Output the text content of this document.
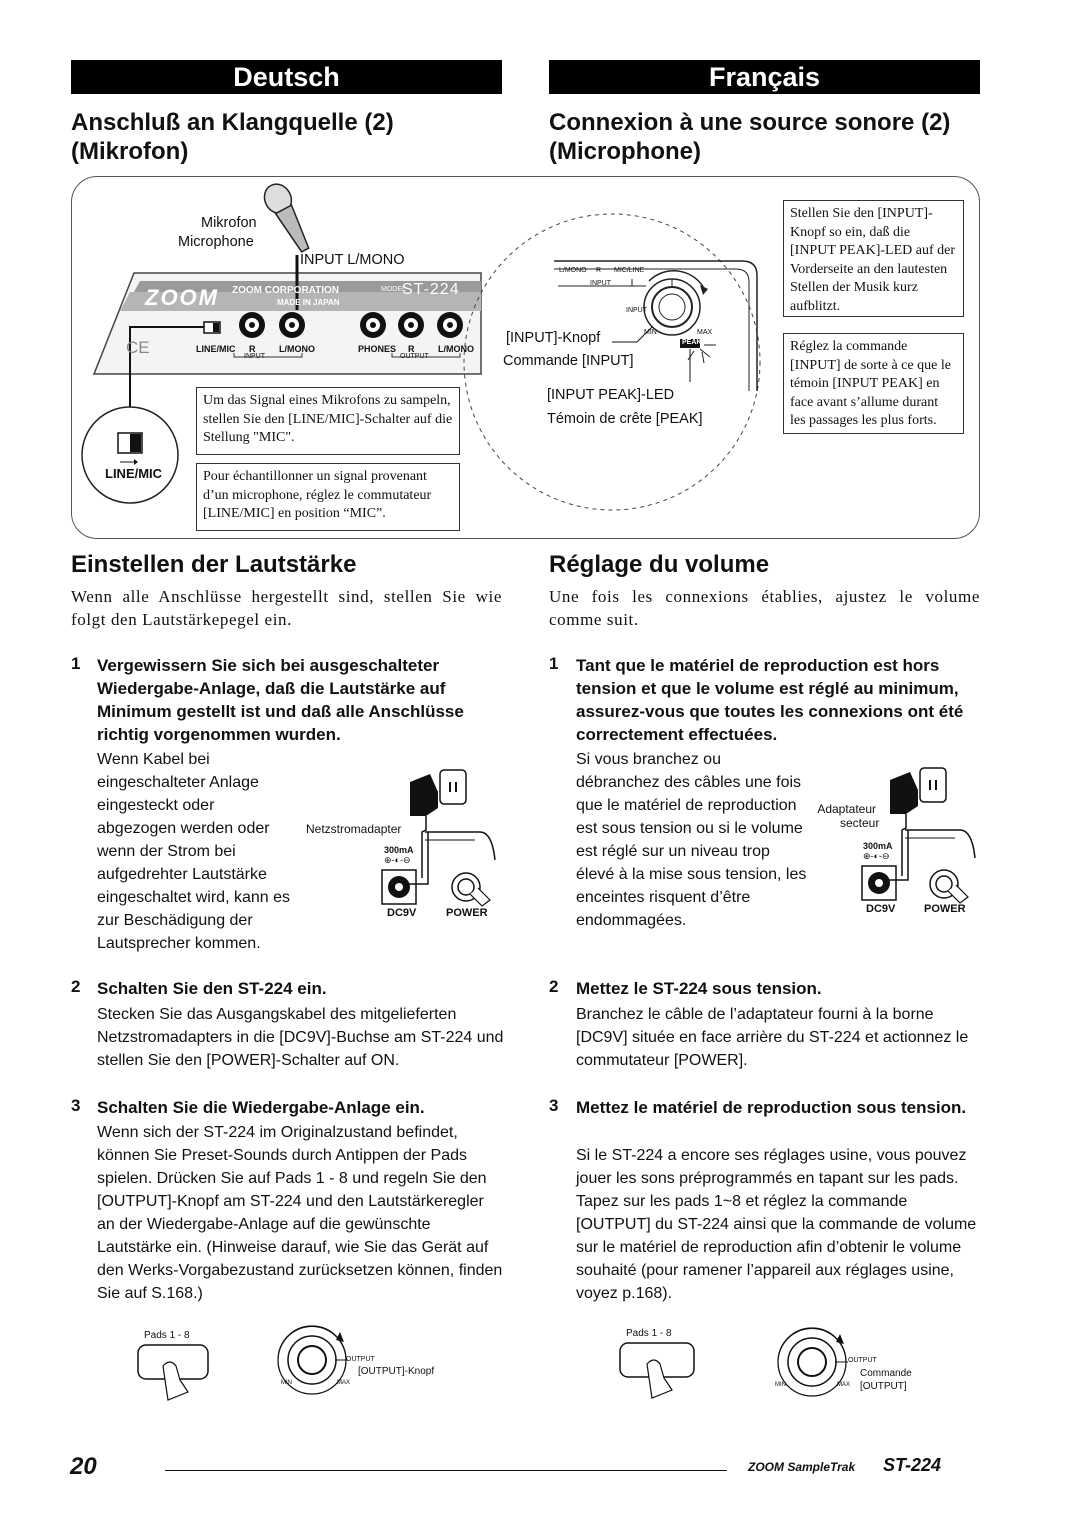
Deutsch	Français
Anschluß an Klangquelle (2)
(Mikrofon)
Connexion à une source sonore (2)
(Microphone)
ZOOM CORPORATION
MADE IN JAPAN
ZOOM	MODEL
ST-224
CE	LINE/MIC R	L/MONO	PHONES R	L/MONO
INPUT	OUTPUT
Mikrofon
Microphone
INPUT L/MONO
LINE/MIC
Um das Signal eines Mikrofons zu sampeln, stellen Sie den [LINE/MIC]-Schalter auf die Stellung "MIC".
Pour échantillonner un signal provenant d’un microphone, réglez le commutateur [LINE/MIC] en position “MIC”.
L/MONO R MIC/LINE
INPUT
INPUT
MIN	MAX
PEAK
[INPUT]-Knopf
Commande [INPUT]
[INPUT PEAK]-LED
Témoin de crête [PEAK]
Stellen Sie den [INPUT]-Knopf so ein, daß die [INPUT PEAK]-LED auf der Vorderseite an den lautesten Stellen der Musik kurz aufblitzt.
Réglez la commande [INPUT] de sorte à ce que le témoin [INPUT PEAK] en face avant s’allume durant les passages les plus forts.
Einstellen der Lautstärke	Réglage du volume
Wenn alle Anschlüsse hergestellt sind, stellen Sie wie folgt den Lautstärkepegel ein.
Une fois les connexions établies, ajustez le volume comme suit.
1 Vergewissern Sie sich bei ausgeschalteter Wiedergabe-Anlage, daß die Lautstärke auf Minimum gestellt ist und daß alle Anschlüsse richtig vorgenommen wurden.
Wenn Kabel bei eingeschalteter Anlage eingesteckt oder abgezogen werden oder wenn der Strom bei aufgedrehter Lautstärke eingeschaltet wird, kann es zur Beschädigung der Lautsprecher kommen.
2 Schalten Sie den ST-224 ein.
Stecken Sie das Ausgangskabel des mitgelieferten Netzstromadapters in die [DC9V]-Buchse am ST-224 und stellen Sie den [POWER]-Schalter auf ON.
3 Schalten Sie die Wiedergabe-Anlage ein.
Wenn sich der ST-224 im Originalzustand befindet, können Sie Preset-Sounds durch Antippen der Pads spielen. Drücken Sie auf Pads 1 - 8 und regeln Sie den [OUTPUT]-Knopf am ST-224 und den Lautstärkeregler an der Wiedergabe-Anlage auf die gewünschte Lautstärke ein. (Hinweise darauf, wie Sie das Gerät auf den Werks-Vorgabezustand zurücksetzen können, finden Sie auf S.168.)
1 Tant que le matériel de reproduction est hors tension et que le volume est réglé au minimum, assurez-vous que toutes les connexions ont été correctement effectuées.
Si vous branchez ou débranchez des câbles une fois que le matériel de reproduction est sous tension ou si le volume est réglé sur un niveau trop élevé à la mise sous tension, les enceintes risquent d’être endommagées.
2 Mettez le ST-224 sous tension.
Branchez le câble de l’adaptateur fourni à la borne [DC9V] située en face arrière du ST-224 et actionnez le commutateur [POWER].
3 Mettez le matériel de reproduction sous tension.
Si le ST-224 a encore ses réglages usine, vous pouvez jouer les sons préprogrammés en tapant sur les pads. Tapez sur les pads 1~8 et réglez la commande [OUTPUT] du ST-224 ainsi que la commande de volume sur le matériel de reproduction afin d’obtenir le volume souhaité (pour ramener l’appareil aux réglages usine, voyez p.168).
Netzstromadapter
300mA
⊕-◐-⊖
DC9V	POWER
Adaptateur
secteur
300mA
⊕-◐-⊖
DC9V	POWER
Pads 1 - 8
OUTPUT
[OUTPUT]-Knopf
MIN	MAX
Pads 1 - 8
OUTPUT
Commande
[OUTPUT]
MIN	MAX
20	ZOOM SampleTrak ST-224
